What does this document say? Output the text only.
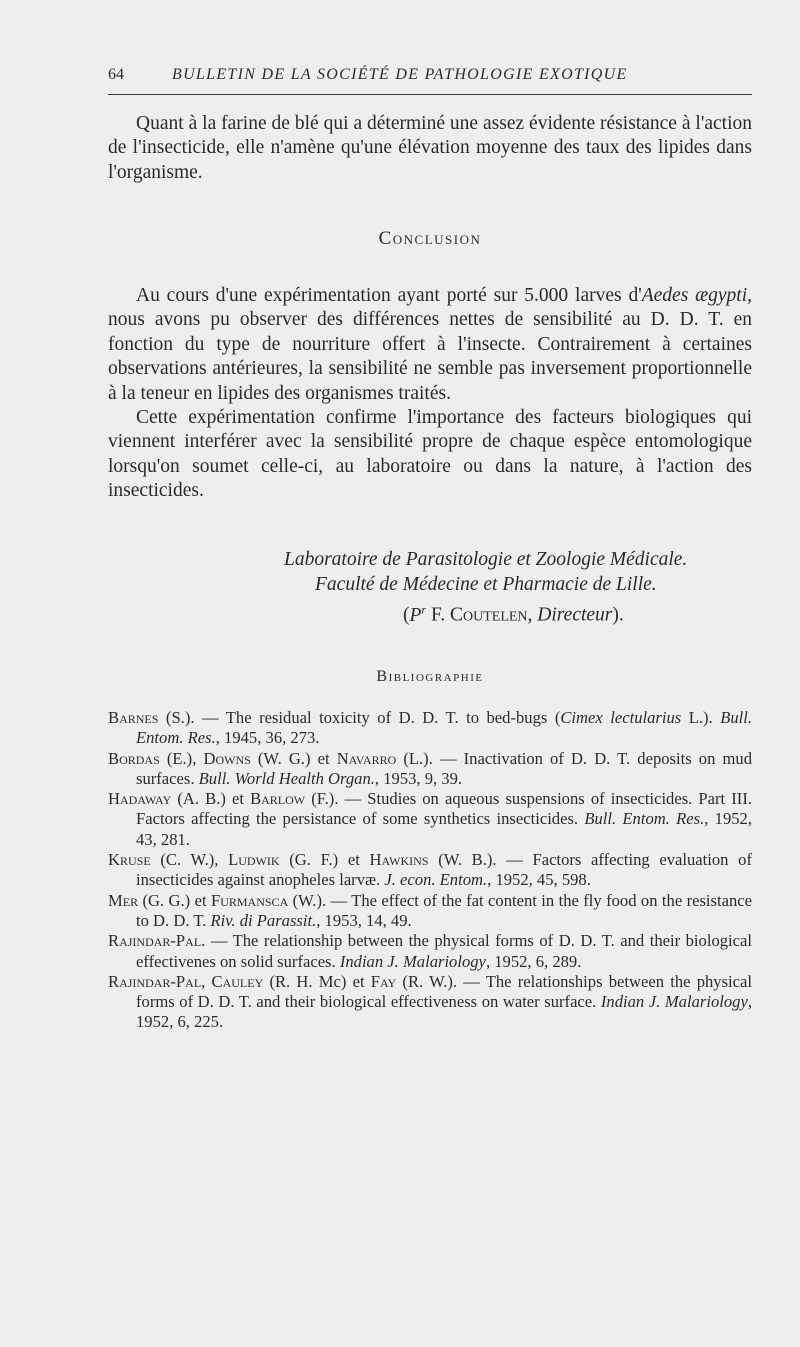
64	BULLETIN DE LA SOCIÉTÉ DE PATHOLOGIE EXOTIQUE

Quant à la farine de blé qui a déterminé une assez évidente résistance à l'action de l'insecticide, elle n'amène qu'une élévation moyenne des taux des lipides dans l'organisme.

Conclusion

Au cours d'une expérimentation ayant porté sur 5.000 larves d'Aedes ægypti, nous avons pu observer des différences nettes de sensibilité au D. D. T. en fonction du type de nourriture offert à l'insecte. Contrairement à certaines observations antérieures, la sensibilité ne semble pas inversement proportionnelle à la teneur en lipides des organismes traités.

Cette expérimentation confirme l'importance des facteurs biologiques qui viennent interférer avec la sensibilité propre de chaque espèce entomologique lorsqu'on soumet celle-ci, au laboratoire ou dans la nature, à l'action des insecticides.

Laboratoire de Parasitologie et Zoologie Médicale.
Faculté de Médecine et Pharmacie de Lille.
($P^r$ F. Coutelen, Directeur).
Bibliographie

Barnes (S.). — The residual toxicity of D. D. T. to bed-bugs (Cimex lectularius L.). Bull. Entom. Res., 1945, 36, 273.

Bordas (E.), Downs (W. G.) et Navarro (L.). — Inactivation of D. D. T. deposits on mud surfaces. Bull. World Health Organ., 1953, 9, 39.

Hadaway (A. B.) et Barlow (F.). — Studies on aqueous suspensions of insecticides. Part III. Factors affecting the persistance of some synthetics insecticides. Bull. Entom. Res., 1952, 43, 281.

Kruse (C. W.), Ludwik (G. F.) et Hawkins (W. B.). — Factors affecting evaluation of insecticides against anopheles larvæ. J. econ. Entom., 1952, 45, 598.

Mer (G. G.) et Furmansca (W.). — The effect of the fat content in the fly food on the resistance to D. D. T. Riv. di Parassit., 1953, 14, 49.

Rajindar-Pal. — The relationship between the physical forms of D. D. T. and their biological effectivenes on solid surfaces. Indian J. Malariology, 1952, 6, 289.

Rajindar-Pal, Cauley (R. H. Mc) et Fay (R. W.). — The relationships between the physical forms of D. D. T. and their biological effectiveness on water surface. Indian J. Malariology, 1952, 6, 225.
